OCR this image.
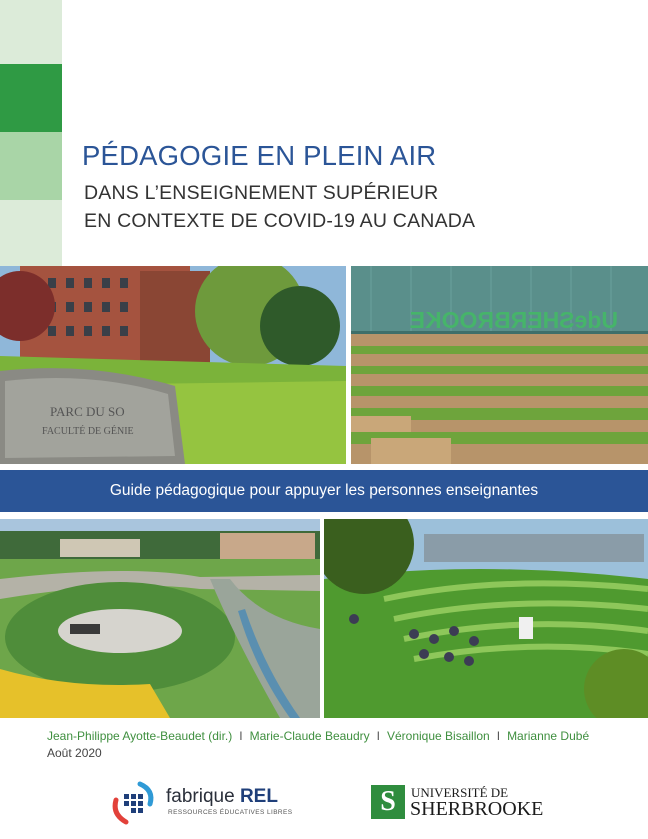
PÉDAGOGIE EN PLEIN AIR
DANS L’ENSEIGNEMENT SUPÉRIEUR
EN CONTEXTE DE COVID-19 AU CANADA
PARC DU SO
FACULTÉ DE GÉNIE
UdeSHERBROOKE
Guide pédagogique pour appuyer les personnes enseignantes
Jean-Philippe Ayotte-Beaudet (dir.) I Marie-Claude Beaudry I Véronique Bisaillon I Marianne Dubé
Août 2020
fabrique REL
RESSOURCES ÉDUCATIVES LIBRES	S	UNIVERSITÉ DE
SHERBROOKE
